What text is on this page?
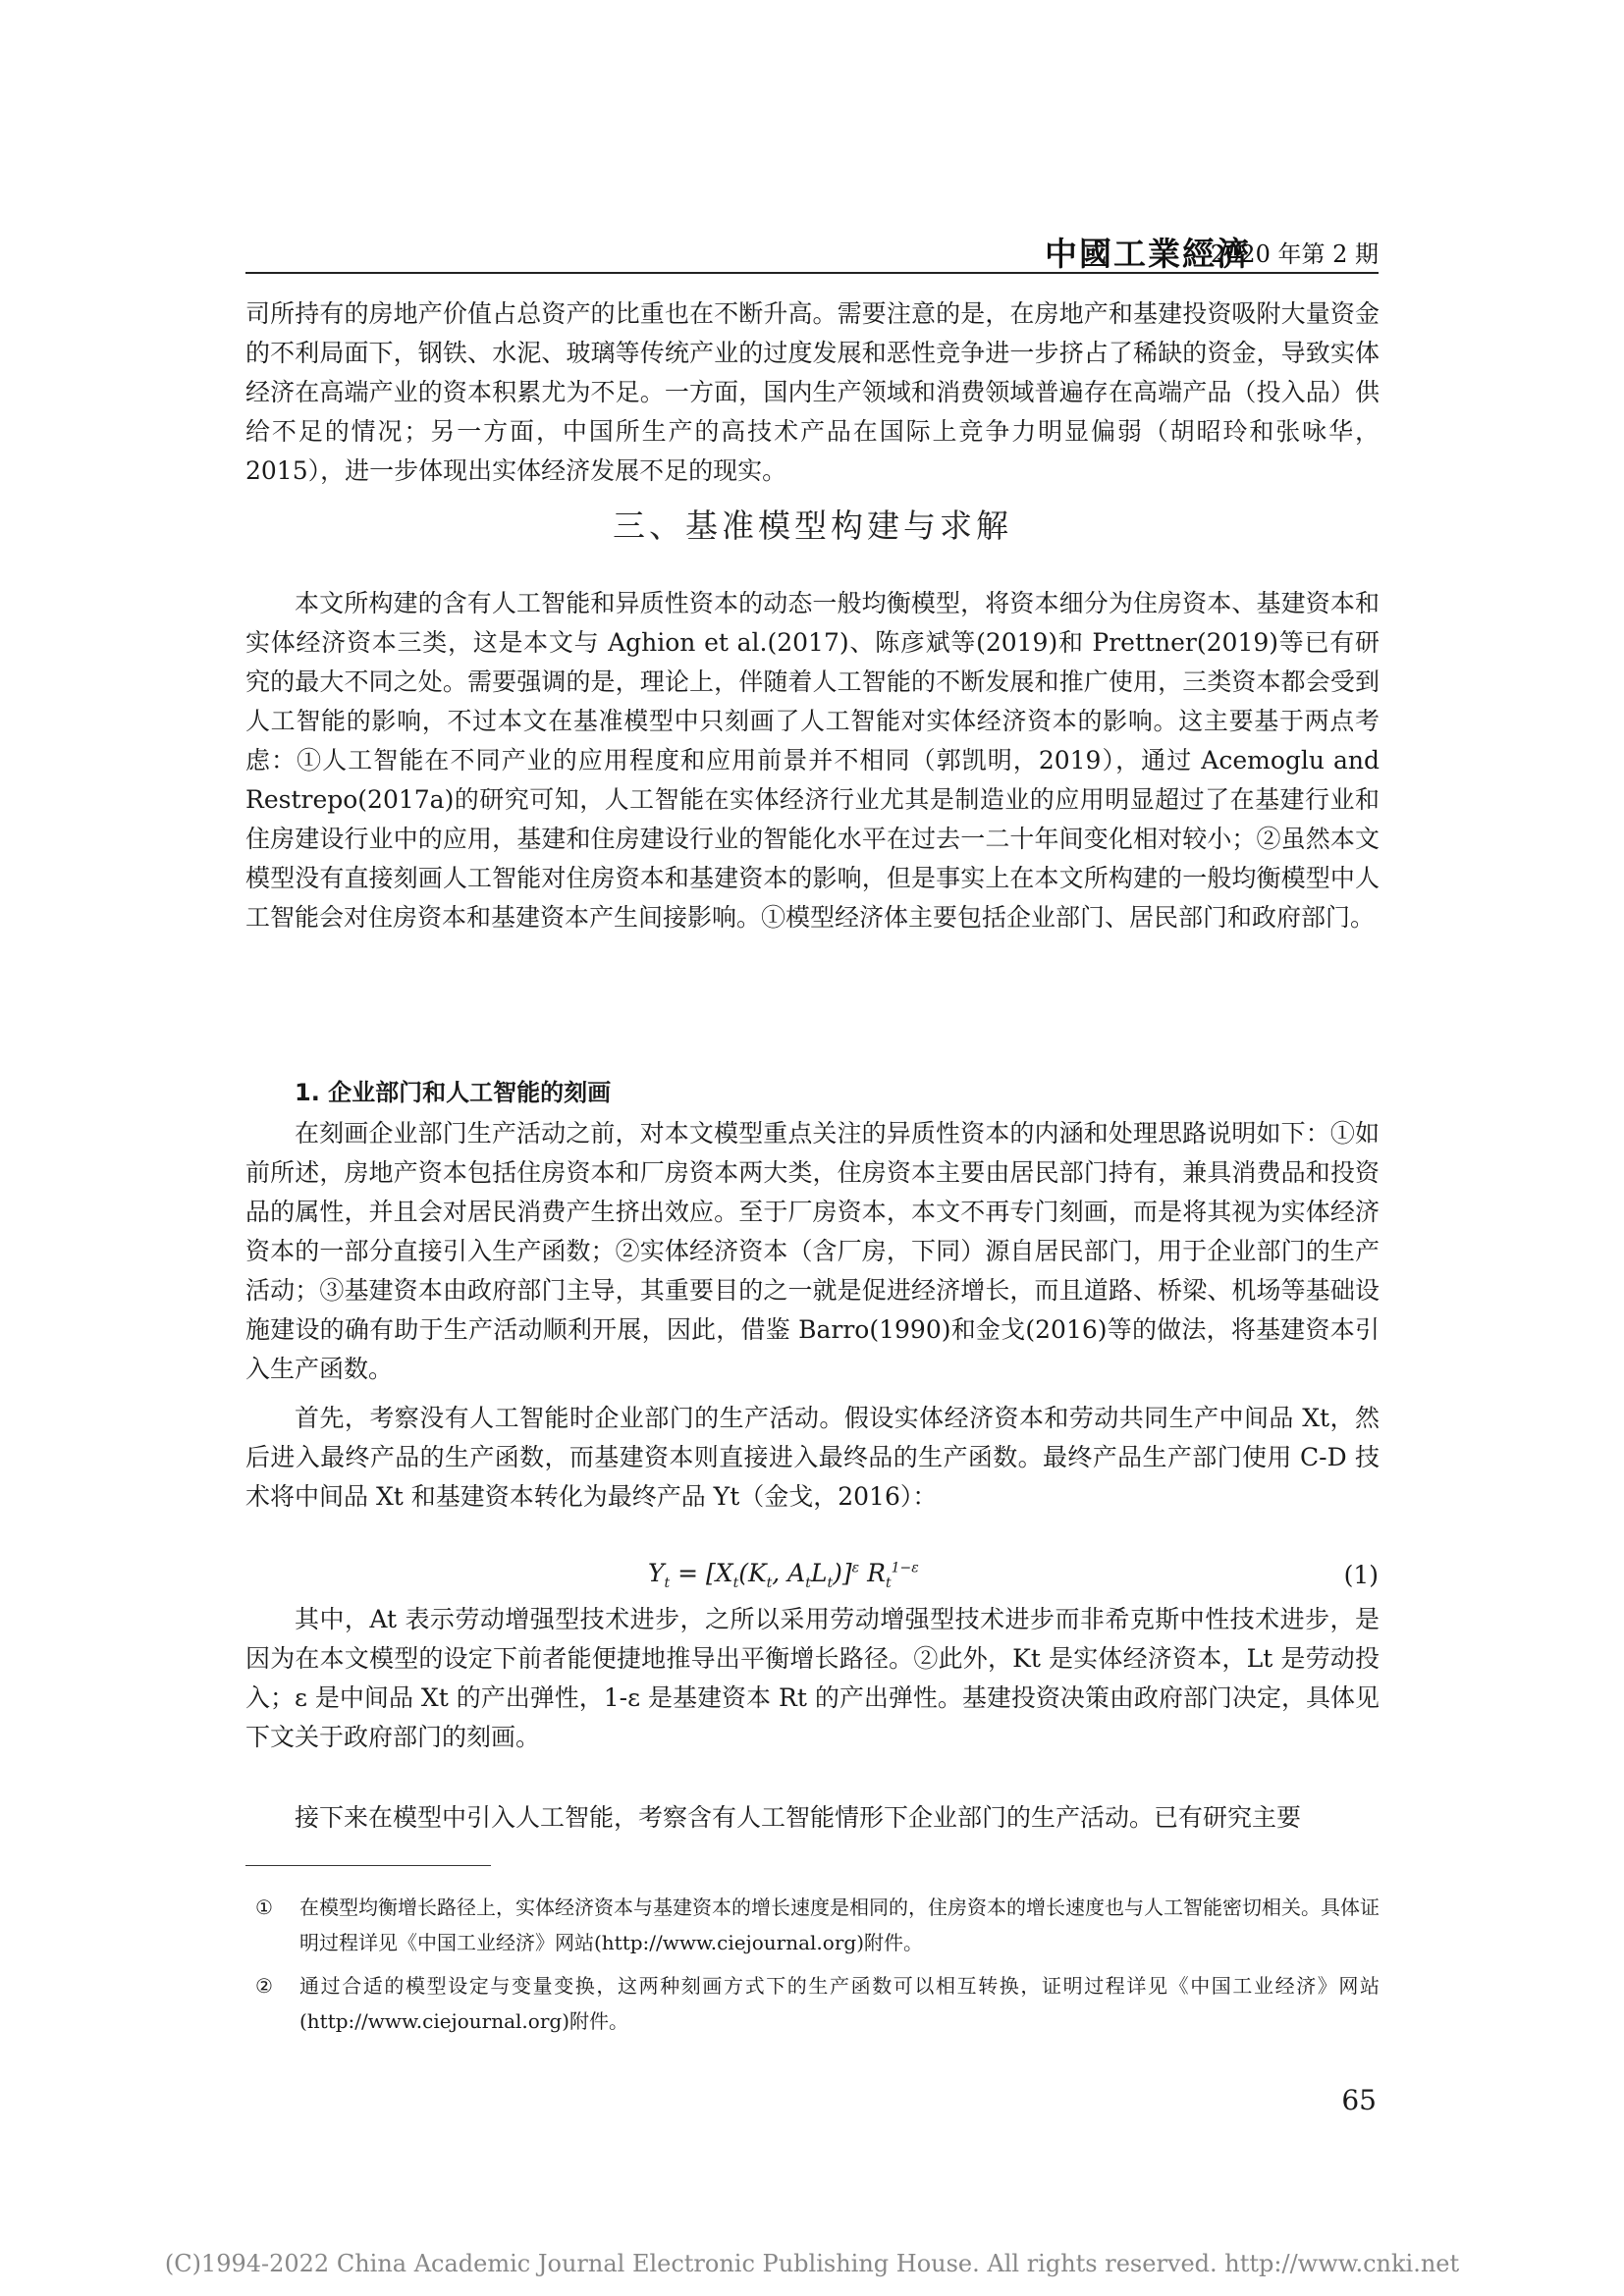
中國工業經濟
2020 年第 2 期

司所持有的房地产价值占总资产的比重也在不断升高。需要注意的是，在房地产和基建投资吸附大量资金的不利局面下，钢铁、水泥、玻璃等传统产业的过度发展和恶性竞争进一步挤占了稀缺的资金，导致实体经济在高端产业的资本积累尤为不足。一方面，国内生产领域和消费领域普遍存在高端产品（投入品）供给不足的情况；另一方面，中国所生产的高技术产品在国际上竞争力明显偏弱（胡昭玲和张咏华，2015），进一步体现出实体经济发展不足的现实。

三、基准模型构建与求解

本文所构建的含有人工智能和异质性资本的动态一般均衡模型，将资本细分为住房资本、基建资本和实体经济资本三类，这是本文与 Aghion et al.(2017)、陈彦斌等(2019)和 Prettner(2019)等已有研究的最大不同之处。需要强调的是，理论上，伴随着人工智能的不断发展和推广使用，三类资本都会受到人工智能的影响，不过本文在基准模型中只刻画了人工智能对实体经济资本的影响。这主要基于两点考虑：①人工智能在不同产业的应用程度和应用前景并不相同（郭凯明，2019），通过 Acemoglu and Restrepo(2017a)的研究可知，人工智能在实体经济行业尤其是制造业的应用明显超过了在基建行业和住房建设行业中的应用，基建和住房建设行业的智能化水平在过去一二十年间变化相对较小；②虽然本文模型没有直接刻画人工智能对住房资本和基建资本的影响，但是事实上在本文所构建的一般均衡模型中人工智能会对住房资本和基建资本产生间接影响。①模型经济体主要包括企业部门、居民部门和政府部门。

1. 企业部门和人工智能的刻画

在刻画企业部门生产活动之前，对本文模型重点关注的异质性资本的内涵和处理思路说明如下：①如前所述，房地产资本包括住房资本和厂房资本两大类，住房资本主要由居民部门持有，兼具消费品和投资品的属性，并且会对居民消费产生挤出效应。至于厂房资本，本文不再专门刻画，而是将其视为实体经济资本的一部分直接引入生产函数；②实体经济资本（含厂房，下同）源自居民部门，用于企业部门的生产活动；③基建资本由政府部门主导，其重要目的之一就是促进经济增长，而且道路、桥梁、机场等基础设施建设的确有助于生产活动顺利开展，因此，借鉴 Barro(1990)和金戈(2016)等的做法，将基建资本引入生产函数。

首先，考察没有人工智能时企业部门的生产活动。假设实体经济资本和劳动共同生产中间品 Xt，然后进入最终产品的生产函数，而基建资本则直接进入最终品的生产函数。最终产品生产部门使用 C-D 技术将中间品 Xt 和基建资本转化为最终产品 Yt（金戈，2016）：

$Y_t = [X_t(K_t$, $A_tL_t)]^\varepsilon$ $R_t^{1-\varepsilon}$	(1)

其中，At 表示劳动增强型技术进步，之所以采用劳动增强型技术进步而非希克斯中性技术进步，是因为在本文模型的设定下前者能便捷地推导出平衡增长路径。②此外，Kt 是实体经济资本，Lt 是劳动投入；ε 是中间品 Xt 的产出弹性，1-ε 是基建资本 Rt 的产出弹性。基建投资决策由政府部门决定，具体见下文关于政府部门的刻画。

接下来在模型中引入人工智能，考察含有人工智能情形下企业部门的生产活动。已有研究主要

① 在模型均衡增长路径上，实体经济资本与基建资本的增长速度是相同的，住房资本的增长速度也与人工智能密切相关。具体证明过程详见《中国工业经济》网站(http://www.ciejournal.org)附件。
② 通过合适的模型设定与变量变换，这两种刻画方式下的生产函数可以相互转换，证明过程详见《中国工业经济》网站(http://www.ciejournal.org)附件。
65
(C)1994-2022 China Academic Journal Electronic Publishing House. All rights reserved. http://www.cnki.net
